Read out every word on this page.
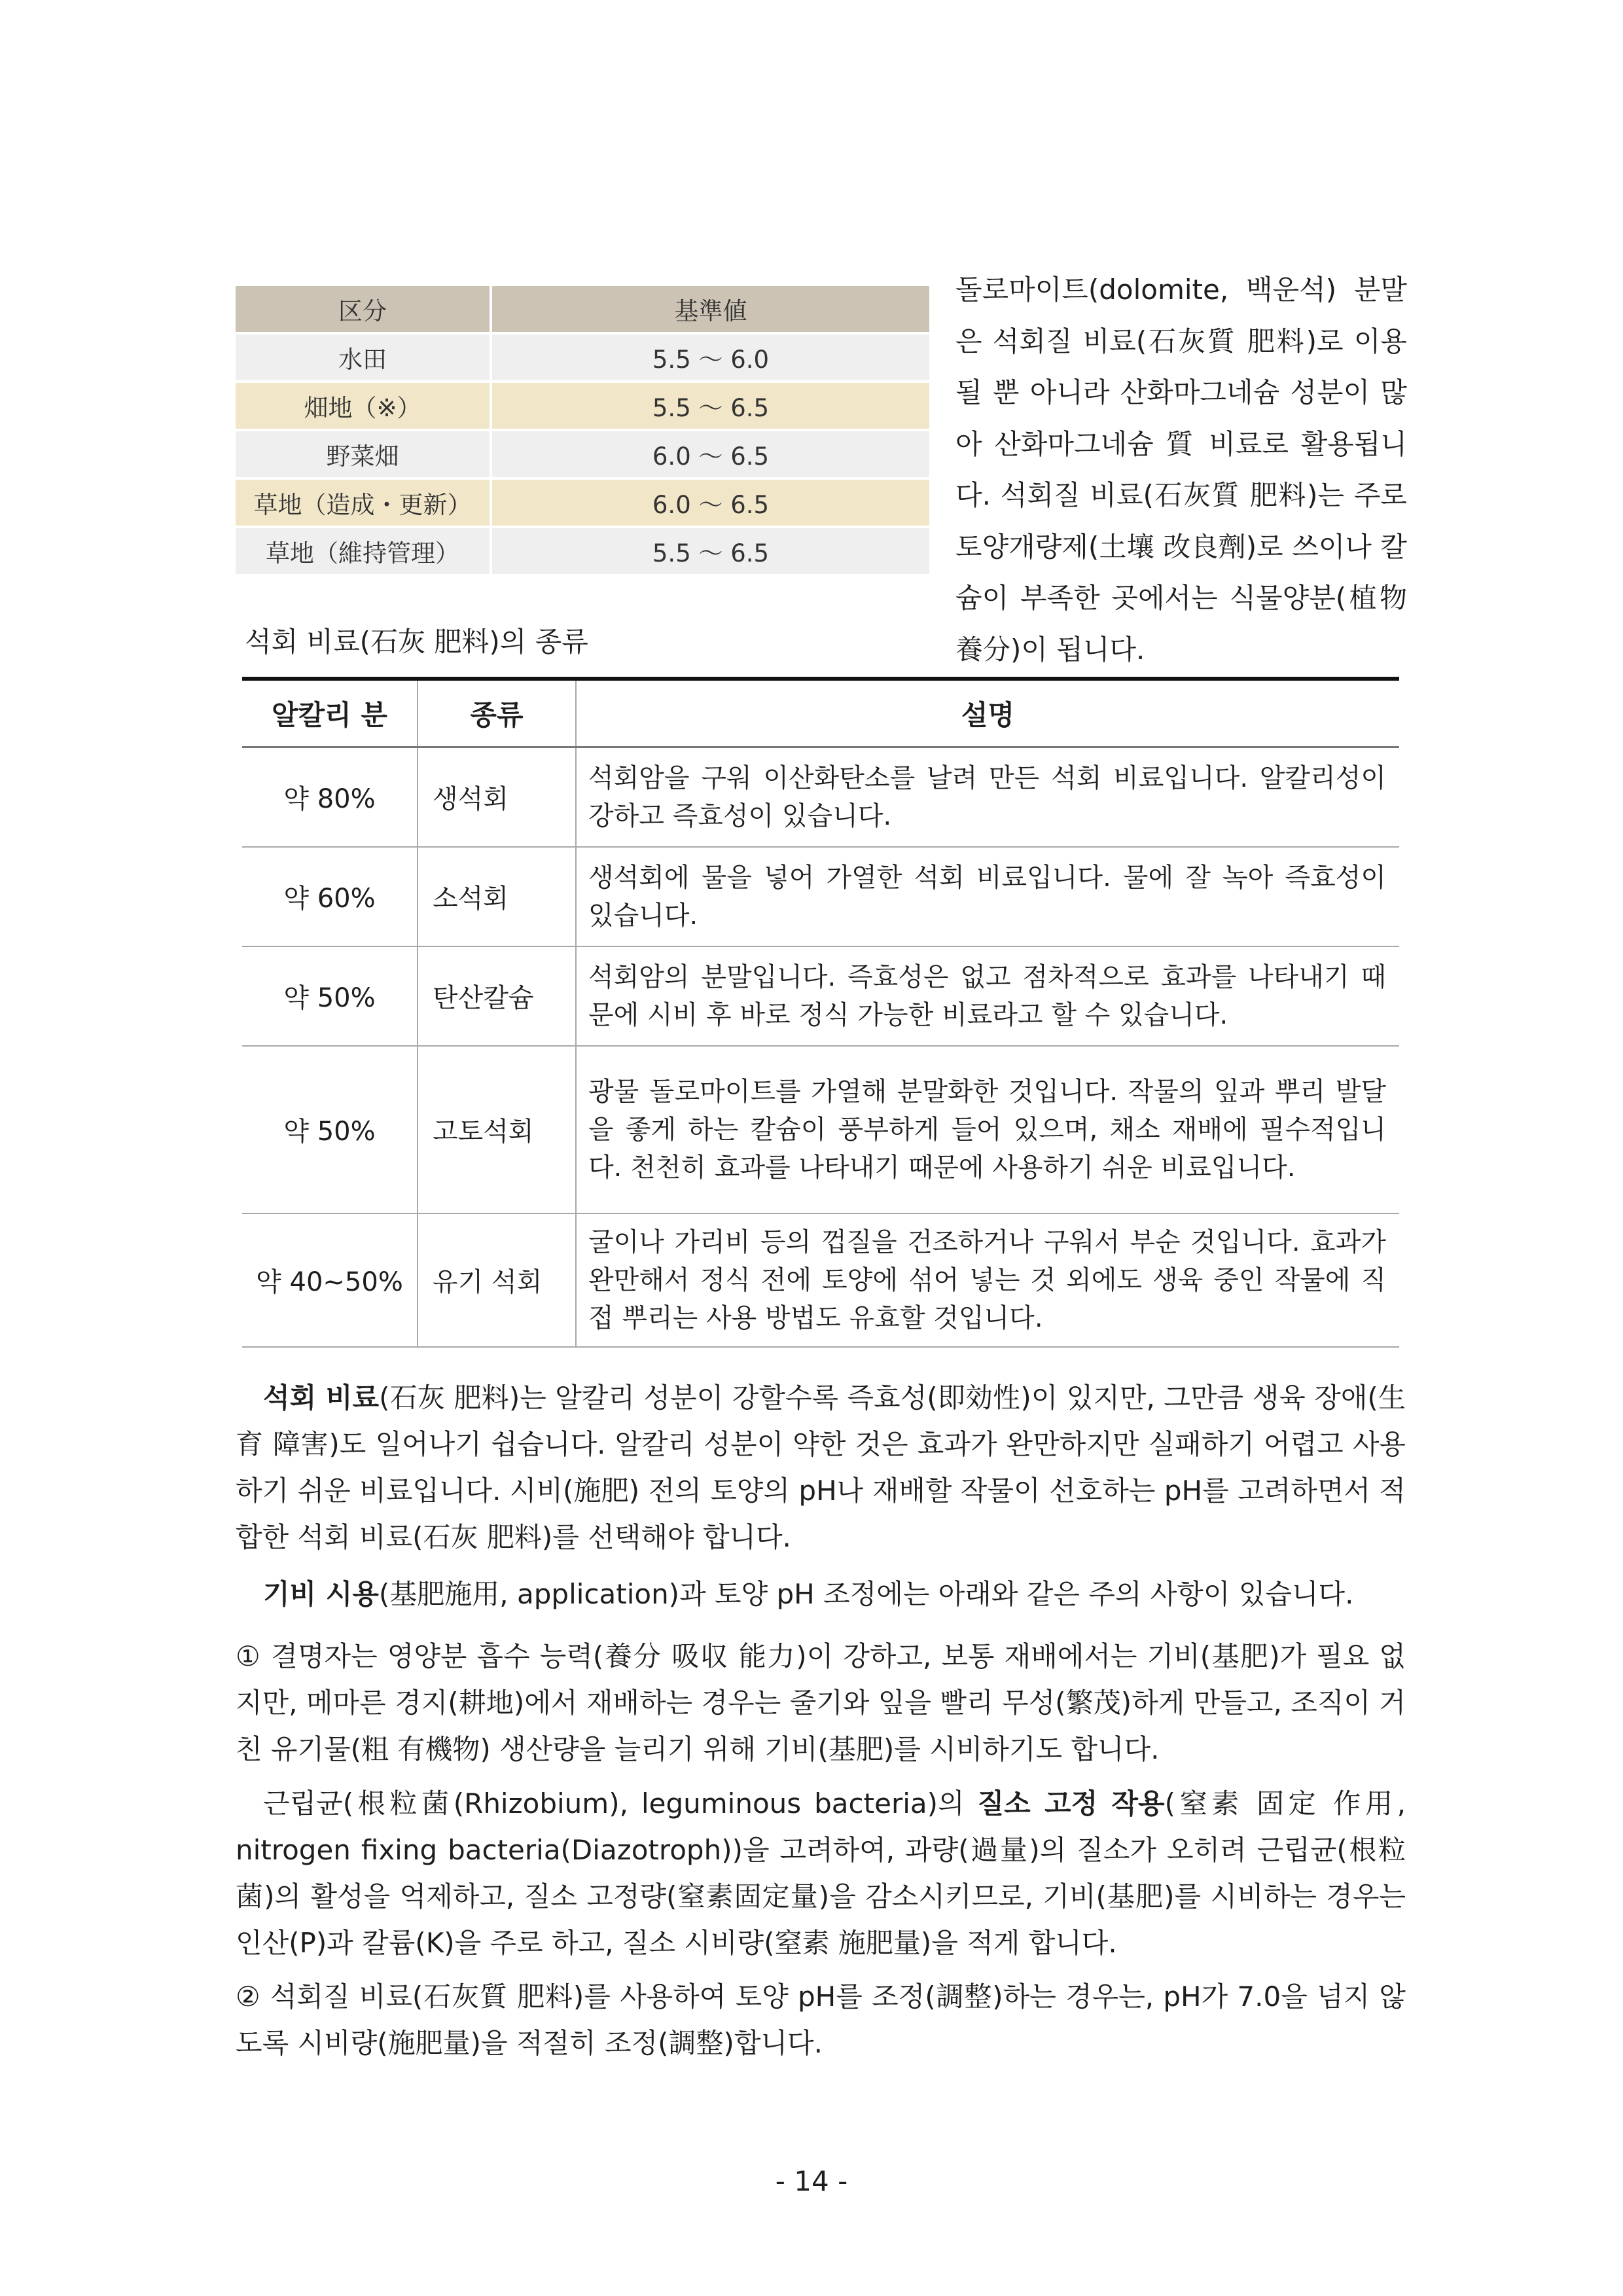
区分	基準値
水田	5.5 ～ 6.0
畑地（※）	5.5 ～ 6.5
野菜畑	6.0 ～ 6.5
草地（造成・更新）	6.0 ～ 6.5
草地（維持管理）	5.5 ～ 6.5
돌로마이트(dolomite, 백운석) 분말은 석회질 비료(石灰質 肥料)로 이용될 뿐 아니라 산화마그네슘 성분이 많아 산화마그네슘 質 비료로 활용됩니다. 석회질 비료(石灰質 肥料)는 주로 토양개량제(土壤 改良劑)로 쓰이나 칼슘이 부족한 곳에서는 식물양분(植物養分)이 됩니다.
석회 비료(石灰 肥料)의 종류
알칼리 분	종류	설명
약 80%	생석회	석회암을 구워 이산화탄소를 날려 만든 석회 비료입니다. 알칼리성이 강하고 즉효성이 있습니다.
약 60%	소석회	생석회에 물을 넣어 가열한 석회 비료입니다. 물에 잘 녹아 즉효성이 있습니다.
약 50%	탄산칼슘	석회암의 분말입니다. 즉효성은 없고 점차적으로 효과를 나타내기 때문에 시비 후 바로 정식 가능한 비료라고 할 수 있습니다.
약 50%	고토석회	광물 돌로마이트를 가열해 분말화한 것입니다. 작물의 잎과 뿌리 발달을 좋게 하는 칼슘이 풍부하게 들어 있으며, 채소 재배에 필수적입니다. 천천히 효과를 나타내기 때문에 사용하기 쉬운 비료입니다.
약 40~50%	유기 석회	굴이나 가리비 등의 껍질을 건조하거나 구워서 부순 것입니다. 효과가 완만해서 정식 전에 토양에 섞어 넣는 것 외에도 생육 중인 작물에 직접 뿌리는 사용 방법도 유효할 것입니다.

석회 비료(石灰 肥料)는 알칼리 성분이 강할수록 즉효성(即効性)이 있지만, 그만큼 생육 장애(生育 障害)도 일어나기 쉽습니다. 알칼리 성분이 약한 것은 효과가 완만하지만 실패하기 어렵고 사용하기 쉬운 비료입니다. 시비(施肥) 전의 토양의 pH나 재배할 작물이 선호하는 pH를 고려하면서 적합한 석회 비료(石灰 肥料)를 선택해야 합니다.

기비 시용(基肥施用, application)과 토양 pH 조정에는 아래와 같은 주의 사항이 있습니다.

① 결명자는 영양분 흡수 능력(養分 吸収 能力)이 강하고, 보통 재배에서는 기비(基肥)가 필요 없지만, 메마른 경지(耕地)에서 재배하는 경우는 줄기와 잎을 빨리 무성(繁茂)하게 만들고, 조직이 거친 유기물(粗 有機物) 생산량을 늘리기 위해 기비(基肥)를 시비하기도 합니다.

근립균(根粒菌(Rhizobium), leguminous bacteria)의 질소 고정 작용(窒素 固定 作用, nitrogen fixing bacteria(Diazotroph))을 고려하여, 과량(過量)의 질소가 오히려 근립균(根粒菌)의 활성을 억제하고, 질소 고정량(窒素固定量)을 감소시키므로, 기비(基肥)를 시비하는 경우는 인산(P)과 칼륨(K)을 주로 하고, 질소 시비량(窒素 施肥量)을 적게 합니다.

② 석회질 비료(石灰質 肥料)를 사용하여 토양 pH를 조정(調整)하는 경우는, pH가 7.0을 넘지 않도록 시비량(施肥量)을 적절히 조정(調整)합니다.

- 14 -
